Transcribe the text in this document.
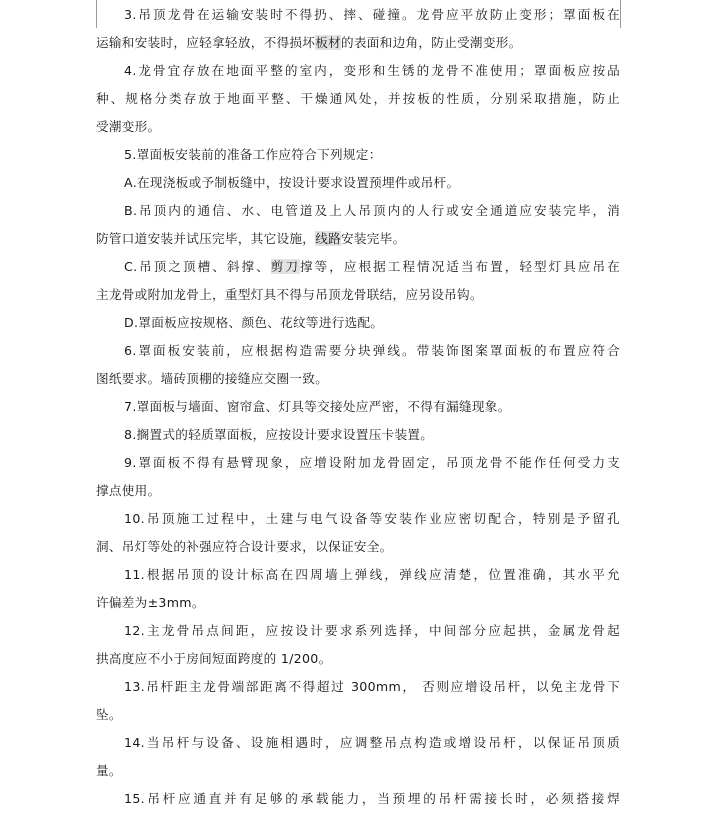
3.吊顶龙骨在运输安装时不得扔、摔、碰撞。龙骨应平放防止变形；罩面板在
运输和安装时，应轻拿轻放，不得损坏板材的表面和边角，防止受潮变形。
4.龙骨宜存放在地面平整的室内，变形和生锈的龙骨不准使用；罩面板应按品
种、规格分类存放于地面平整、干燥通风处，并按板的性质，分别采取措施，防止
受潮变形。
5.罩面板安装前的准备工作应符合下列规定：
A.在现浇板或予制板缝中，按设计要求设置预埋件或吊杆。
B.吊顶内的通信、水、电管道及上人吊顶内的人行或安全通道应安装完毕，消
防管口道安装并试压完毕，其它设施，线路安装完毕。
C.吊顶之顶槽、斜撑、剪刀撑等，应根据工程情况适当布置，轻型灯具应吊在
主龙骨或附加龙骨上，重型灯具不得与吊顶龙骨联结，应另设吊钩。
D.罩面板应按规格、颜色、花纹等进行选配。
6.罩面板安装前，应根据构造需要分块弹线。带装饰图案罩面板的布置应符合
图纸要求。墙砖顶棚的接缝应交圈一致。
7.罩面板与墙面、窗帘盒、灯具等交接处应严密，不得有漏缝现象。
8.搁置式的轻质罩面板，应按设计要求设置压卡装置。
9.罩面板不得有悬臂现象，应增设附加龙骨固定，吊顶龙骨不能作任何受力支
撑点使用。
10.吊顶施工过程中，土建与电气设备等安装作业应密切配合，特别是予留孔
洞、吊灯等处的补强应符合设计要求，以保证安全。
11.根据吊顶的设计标高在四周墙上弹线，弹线应清楚，位置准确，其水平允
许偏差为±3mm。
12.主龙骨吊点间距，应按设计要求系列选择，中间部分应起拱，金属龙骨起
拱高度应不小于房间短面跨度的 1/200。
13.吊杆距主龙骨端部距离不得超过 300mm， 否则应增设吊杆，以免主龙骨下
坠。
14.当吊杆与设备、设施相遇时，应调整吊点构造或增设吊杆，以保证吊顶质
量。
15.吊杆应通直并有足够的承载能力，当预埋的吊杆需接长时，必须搭接焊
